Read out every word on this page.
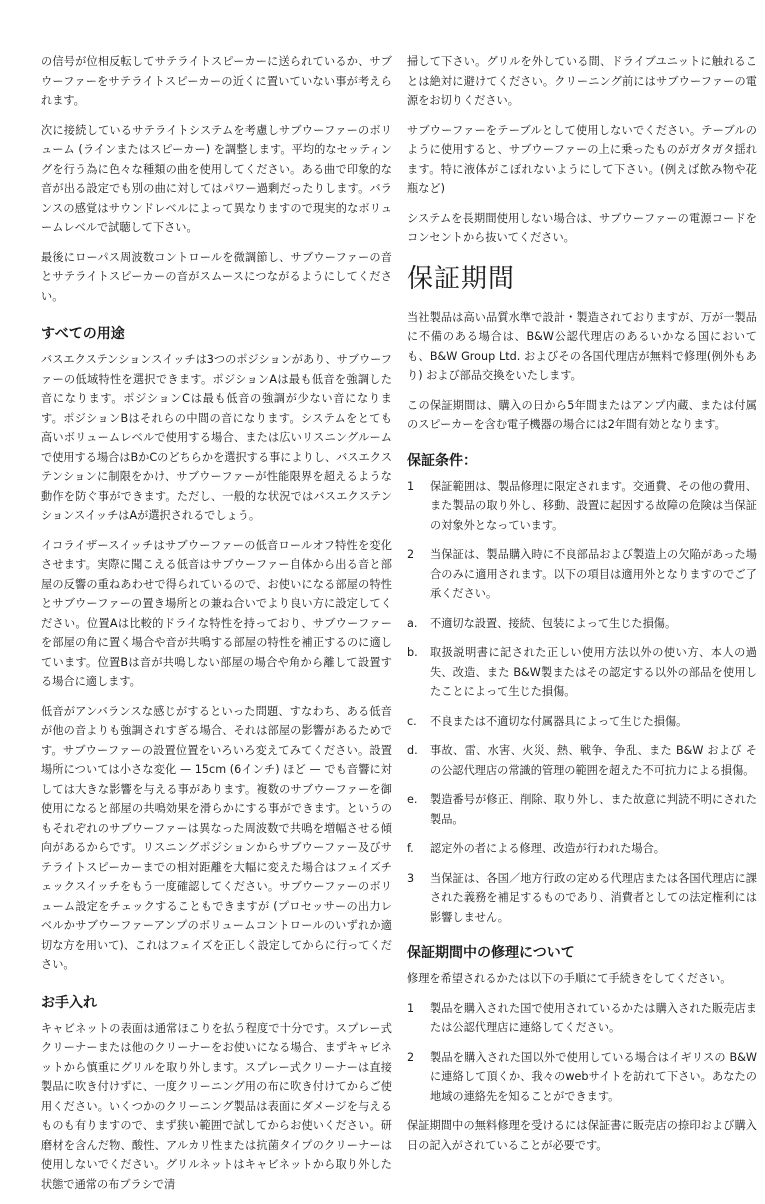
の信号が位相反転してサテライトスピーカーに送られているか、サブウーファーをサテライトスピーカーの近くに置いていない事が考えられます。

次に接続しているサテライトシステムを考慮しサブウーファーのボリューム (ラインまたはスピーカー) を調整します。平均的なセッティングを行う為に色々な種類の曲を使用してください。ある曲で印象的な音が出る設定でも別の曲に対してはパワー過剰だったりします。バランスの感覚はサウンドレベルによって異なりますので現実的なボリュームレベルで試聴して下さい。

最後にローパス周波数コントロールを微調節し、サブウーファーの音とサテライトスピーカーの音がスムースにつながるようにしてください。

すべての用途

バスエクステンションスイッチは3つのポジションがあり、サブウーファーの低域特性を選択できます。ポジションAは最も低音を強調した音になります。ポジションCは最も低音の強調が少ない音になります。ポジションBはそれらの中間の音になります。システムをとても高いボリュームレベルで使用する場合、または広いリスニングルームで使用する場合はBかCのどちらかを選択する事によりし、バスエクステンションに制限をかけ、サブウーファーが性能限界を超えるような動作を防ぐ事ができます。ただし、一般的な状況ではバスエクステンションスイッチはAが選択されるでしょう。

イコライザースイッチはサブウーファーの低音ロールオフ特性を変化させます。実際に聞こえる低音はサブウーファー自体から出る音と部屋の反響の重ねあわせで得られているので、お使いになる部屋の特性とサブウーファーの置き場所との兼ね合いでより良い方に設定してください。位置Aは比較的ドライな特性を持っており、サブウーファーを部屋の角に置く場合や音が共鳴する部屋の特性を補正するのに適しています。位置Bは音が共鳴しない部屋の場合や角から離して設置する場合に適します。

低音がアンバランスな感じがするといった問題、すなわち、ある低音が他の音よりも強調されすぎる場合、それは部屋の影響があるためです。サブウーファーの設置位置をいろいろ変えてみてください。設置場所については小さな変化 — 15cm (6インチ) ほど — でも音響に対しては大きな影響を与える事があります。複数のサブウーファーを御使用になると部屋の共鳴効果を滑らかにする事ができます。というのもそれぞれのサブウーファーは異なった周波数で共鳴を増幅させる傾向があるからです。リスニングポジションからサブウーファー及びサテライトスピーカーまでの相対距離を大幅に変えた場合はフェイズチェックスイッチをもう一度確認してください。サブウーファーのボリューム設定をチェックすることもできますが (プロセッサーの出力レベルかサブウーファーアンプのボリュームコントロールのいずれか適切な方を用いて)、これはフェイズを正しく設定してからに行ってください。

お手入れ

キャビネットの表面は通常ほこりを払う程度で十分です。スプレー式クリーナーまたは他のクリーナーをお使いになる場合、まずキャビネットから慎重にグリルを取り外します。スプレー式クリーナーは直接製品に吹き付けずに、一度クリーニング用の布に吹き付けてからご使用ください。いくつかのクリーニング製品は表面にダメージを与えるものも有りますので、まず狭い範囲で試してからお使いください。研磨材を含んだ物、酸性、アルカリ性または抗菌タイプのクリーナーは使用しないでください。グリルネットはキャビネットから取り外した状態で通常の布ブラシで清

掃して下さい。グリルを外している間、ドライブユニットに触れることは絶対に避けてください。クリーニング前にはサブウーファーの電源をお切りください。

サブウーファーをテーブルとして使用しないでください。テーブルのように使用すると、サブウーファーの上に乗ったものがガタガタ揺れます。特に液体がこぼれないようにして下さい。(例えば飲み物や花瓶など)

システムを長期間使用しない場合は、サブウーファーの電源コードをコンセントから抜いてください。

保証期間

当社製品は高い品質水準で設計・製造されておりますが、万が一製品に不備のある場合は、B&W公認代理店のあるいかなる国においても、B&W Group Ltd. およびその各国代理店が無料で修理(例外もあり) および部品交換をいたします。

この保証期間は、購入の日から5年間またはアンプ内蔵、または付属のスピーカーを含む電子機器の場合には2年間有効となります。

保証条件：
1	保証範囲は、製品修理に限定されます。交通費、その他の費用、また製品の取り外し、移動、設置に起因する故障の危険は当保証の対象外となっています。
2	当保証は、製品購入時に不良部品および製造上の欠陥があった場合のみに適用されます。以下の項目は適用外となりますのでご了承ください。
a.	不適切な設置、接続、包装によって生じた損傷。
b.	取扱説明書に記された正しい使用方法以外の使い方、本人の過失、改造、また B&W製またはその認定する以外の部品を使用したことによって生じた損傷。
c.	不良または不適切な付属器具によって生じた損傷。
d.	事故、雷、水害、火災、熱、戦争、争乱、また B&W および その公認代理店の常識的管理の範囲を超えた不可抗力による損傷。
e.	製造番号が修正、削除、取り外し、また故意に判読不明にされた製品。
f.	認定外の者による修理、改造が行われた場合。
3	当保証は、各国／地方行政の定める代理店または各国代理店に課された義務を補足するものであり、消費者としての法定権利には影響しません。
保証期間中の修理について

修理を希望されるかたは以下の手順にて手続きをしてください。

1	製品を購入された国で使用されているかたは購入された販売店または公認代理店に連絡してください。
2	製品を購入された国以外で使用している場合はイギリスの B&Wに連絡して頂くか、我々のwebサイトを訪れて下さい。あなたの地域の連絡先を知ることができます。

保証期間中の無料修理を受けるには保証書に販売店の捺印および購入日の記入がされていることが必要です。
